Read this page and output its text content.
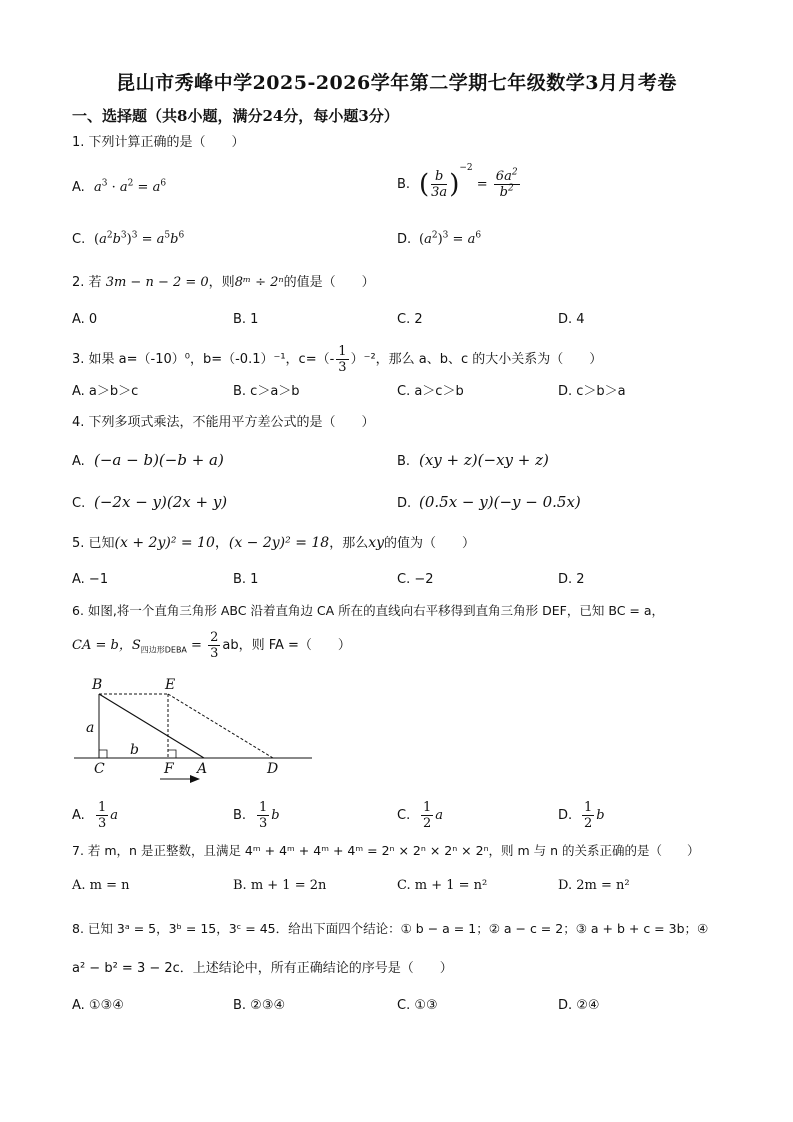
昆山市秀峰中学2025-2026学年第二学期七年级数学3月月考卷
一、选择题（共8小题，满分24分，每小题3分）
1. 下列计算正确的是（　　）
A. $a^3 \cdot a^2 = a^6$	B. ( $\frac{b}{3a} )^{-2} = \frac{6a^2}{b^2}$
C. $(a^2b^3)^3 = a^5b^6$	D. $(a^2)^3 = a^6$
2. 若 3m − n − 2 = 0，则8ᵐ ÷ 2ⁿ的值是（　　）
A. 0	B. 1	C. 2	D. 4
3. 如果 a=（-10）⁰，b=（-0.1）⁻¹，$c=(- \frac{1}{3} )^{-2}$，那么 a、b、c 的大小关系为（　　）
A. a＞b＞c	B. c＞a＞b	C. a＞c＞b	D. c＞b＞a
4. 下列多项式乘法，不能用平方差公式的是（　　）
A. (−a − b)(−b + a)	B. (xy + z)(−xy + z)
C. (−2x − y)(2x + y)	D. (0.5x − y)(−y − 0.5x)
5. 已知(x + 2y)² = 10，(x − 2y)² = 18，那么xy的值为（　　）
A. −1	B. 1	C. −2	D. 2
6. 如图,将一个直角三角形 ABC 沿着直角边 CA 所在的直线向右平移得到直角三角形 DEF，已知 BC = a，
CA = b，$S_{四边形DEBA} = \frac{2}{3}$ ab，则 FA =（　　）
B	E
a
b
C	F A	D
A. $\frac{1}{3}$ a	B. $\frac{1}{3}$ b	C. $\frac{1}{2}$ a	D. $\frac{1}{2}$ b
7. 若 m，n 是正整数，且满足 4ᵐ + 4ᵐ + 4ᵐ + 4ᵐ = 2ⁿ × 2ⁿ × 2ⁿ × 2ⁿ，则 m 与 n 的关系正确的是（　　）
A. m = n	B. m + 1 = 2n	C. m + 1 = n²	D. 2m = n²
8. 已知 3ᵃ = 5，3ᵇ = 15，3ᶜ = 45．给出下面四个结论：① b − a = 1；② a − c = 2；③ a + b + c = 3b；④
a² − b² = 3 − 2c．上述结论中，所有正确结论的序号是（　　）
A. ①③④	B. ②③④	C. ①③	D. ②④
